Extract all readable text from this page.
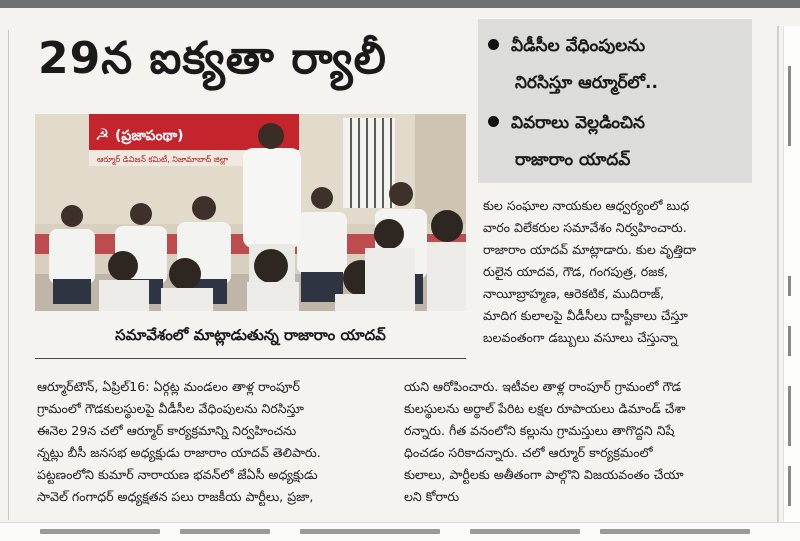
29న ఐక్యతా ర్యాలీ	వీడీసీల వేధింపులను
నిరసిస్తూ ఆర్మూర్‌లో..
వివరాలు వెల్లడించిన
రాజారాం యాదవ్
☭ (ప్రజాపంథా)
ఆర్మూర్ డివిజన్ కమిటీ, నిజామాబాద్ జిల్లా
సమావేశంలో మాట్లాడుతున్న రాజారాం యాదవ్

కుల సంఘాల నాయకుల ఆధ్వర్యంలో బుధ

వారం విలేకరుల సమావేశం నిర్వహించారు.

రాజారాం యాదవ్ మాట్లాడారు. కుల వృత్తిదా

రులైన యాదవ, గౌడ, గంగపుత్ర, రజక,

నాయీబ్రాహ్మణ, ఆరెకటిక, ముదిరాజ్,

మాదిగ కులాలపై వీడీసీలు దాష్టీకాలు చేస్తూ

బలవంతంగా డబ్బులు వసూలు చేస్తున్నా

ఆర్మూర్‌టౌన్, ఏప్రిల్16: ఏర్గట్ల మండలం తాళ్ల రాంపూర్

గ్రామంలో గౌడకులస్థులపై వీడీసీల వేధింపులను నిరసిస్తూ

ఈనెల 29న చలో ఆర్మూర్ కార్యక్రమాన్ని నిర్వహించను

న్నట్లు బీసీ జనసభ అధ్యక్షుడు రాజారాం యాదవ్ తెలిపారు.

పట్టణంలోని కుమార్ నారాయణ భవన్‌లో జేఏసీ అధ్యక్షుడు

సావెల్ గంగాధర్ అధ్యక్షతన పలు రాజకీయ పార్టీలు, ప్రజా,

యని ఆరోపించారు. ఇటీవల తాళ్ల రాంపూర్ గ్రామంలో గౌడ

కులస్థులను అర్థాల్ పేరిట లక్షల రూపాయలు డిమాండ్ చేశా

రన్నారు. గీత వనంలోని కల్లును గ్రామస్తులు తాగొద్దని నిషే

ధించడం సరికాదన్నారు. చలో ఆర్మూర్ కార్యక్రమంలో

కులాలు, పార్టీలకు అతీతంగా పాల్గొని విజయవంతం చేయా

లని కోరారు
